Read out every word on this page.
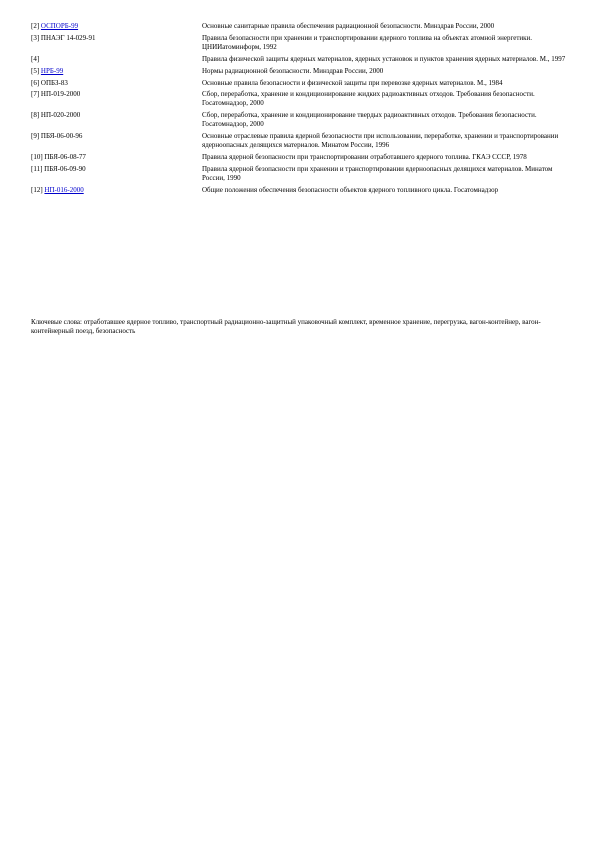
[2] ОСПОРБ-99	Основные санитарные правила обеспечения радиационной безопасности. Минздрав России, 2000
[3] ПНАЭГ 14-029-91	Правила безопасности при хранении и транспортировании ядерного топлива на объектах атомной энергетики. ЦНИИатоминформ, 1992
[4]	Правила физической защиты ядерных материалов, ядерных установок и пунктов хранения ядерных материалов. М., 1997
[5] НРБ-99	Нормы радиационной безопасности. Минздрав России, 2000
[6] ОПБЗ-83	Основные правила безопасности и физической защиты при перевозке ядерных материалов. М., 1984
[7] НП-019-2000	Сбор, переработка, хранение и кондиционирование жидких радиоактивных отходов. Требования безопасности. Госатомнадзор, 2000
[8] НП-020-2000	Сбор, переработка, хранение и кондиционирование твердых радиоактивных отходов. Требования безопасности. Госатомнадзор, 2000
[9] ПБЯ-06-00-96	Основные отраслевые правила ядерной безопасности при использовании, переработке, хранении и транспортировании ядерноопасных делящихся материалов. Минатом России, 1996
[10] ПБЯ-06-08-77	Правила ядерной безопасности при транспортировании отработавшего ядерного топлива. ГКАЭ СССР, 1978
[11] ПБЯ-06-09-90	Правила ядерной безопасности при хранении и транспортировании ядерноопасных делящихся материалов. Минатом России, 1990
[12] НП-016-2000	Общие положения обеспечения безопасности объектов ядерного топливного цикла. Госатомнадзор

Ключевые слова: отработавшее ядерное топливо, транспортный радиационно-защитный упаковочный комплект, временное хранение, перегрузка, вагон-контейнер, вагон-контейнерный поезд, безопасность
